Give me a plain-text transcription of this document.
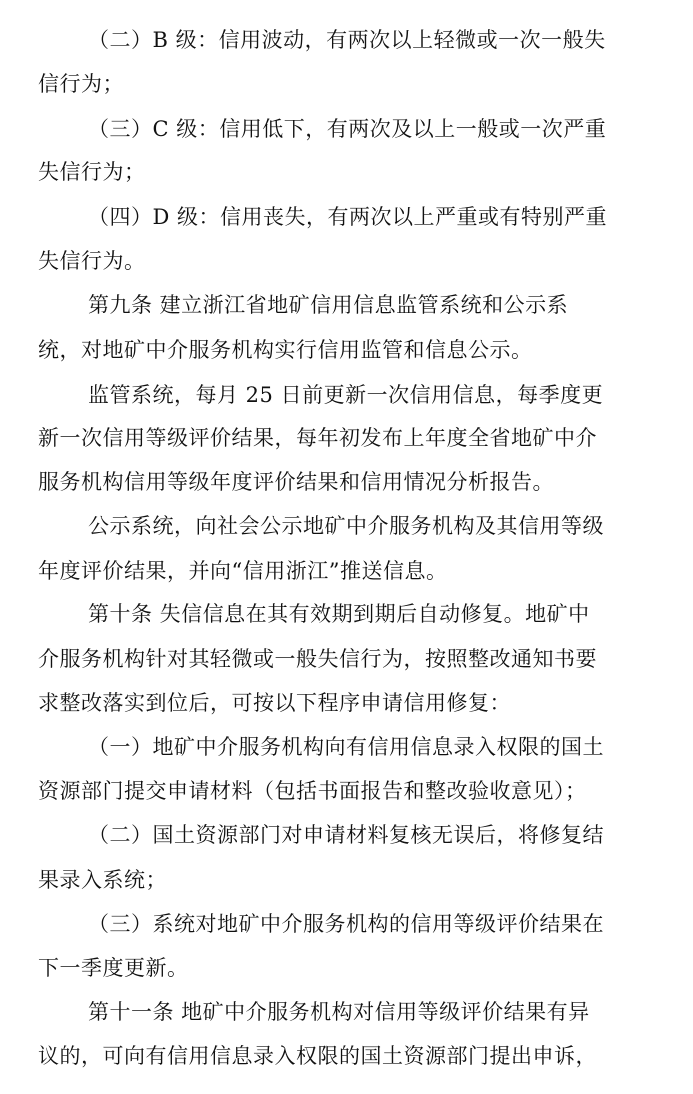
（二）B 级：信用波动，有两次以上轻微或一次一般失
信行为；
（三）C 级：信用低下，有两次及以上一般或一次严重
失信行为；
（四）D 级：信用丧失，有两次以上严重或有特别严重
失信行为。
第九条 建立浙江省地矿信用信息监管系统和公示系
统，对地矿中介服务机构实行信用监管和信息公示。
监管系统，每月 25 日前更新一次信用信息，每季度更
新一次信用等级评价结果，每年初发布上年度全省地矿中介
服务机构信用等级年度评价结果和信用情况分析报告。
公示系统，向社会公示地矿中介服务机构及其信用等级
年度评价结果，并向“信用浙江”推送信息。
第十条 失信信息在其有效期到期后自动修复。地矿中
介服务机构针对其轻微或一般失信行为，按照整改通知书要
求整改落实到位后，可按以下程序申请信用修复：
（一）地矿中介服务机构向有信用信息录入权限的国土
资源部门提交申请材料（包括书面报告和整改验收意见）；
（二）国土资源部门对申请材料复核无误后，将修复结
果录入系统；
（三）系统对地矿中介服务机构的信用等级评价结果在
下一季度更新。
第十一条 地矿中介服务机构对信用等级评价结果有异
议的，可向有信用信息录入权限的国土资源部门提出申诉，
